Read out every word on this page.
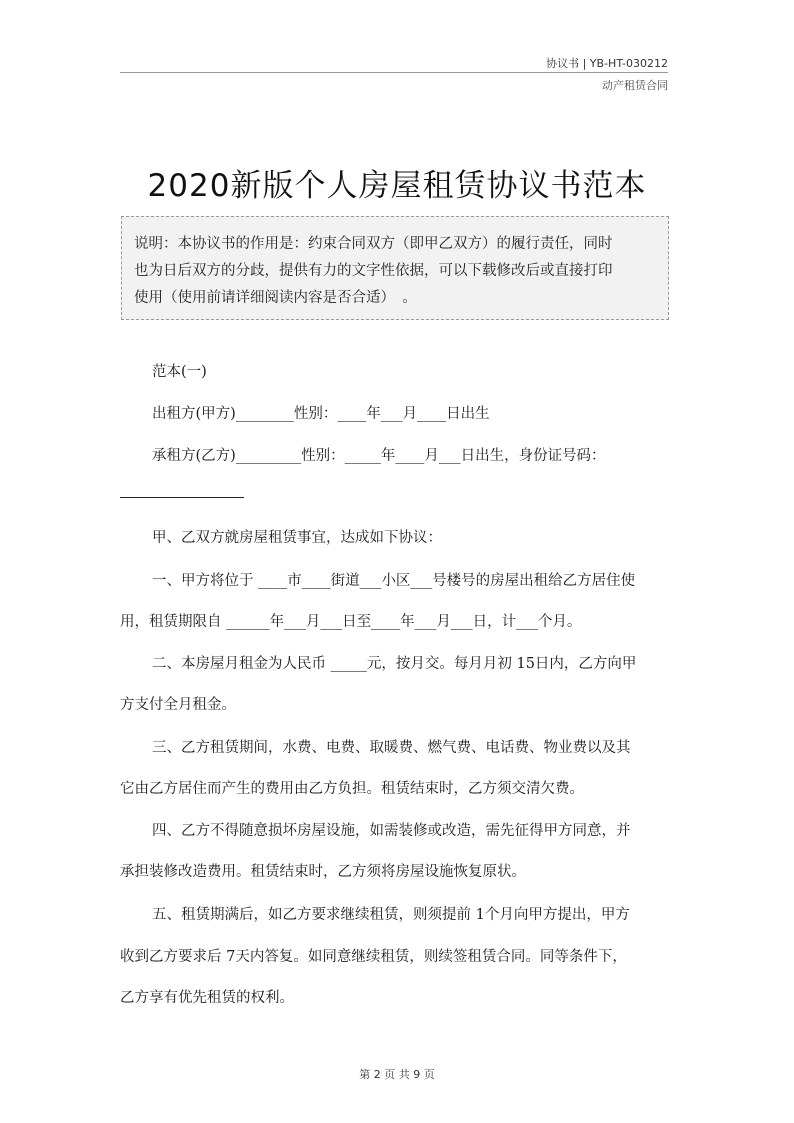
协议书 | YB-HT-030212
动产租赁合同
2020新版个人房屋租赁协议书范本
说明：本协议书的作用是：约束合同双方（即甲乙双方）的履行责任，同时
也为日后双方的分歧，提供有力的文字性依据，可以下载修改后或直接打印
使用（使用前请详细阅读内容是否合适）　。
范本(一)
出租方(甲方)________性别：____年___月____日出生
承租方(乙方)_________性别：_____年____月___日出生，身份证号码：
甲、乙双方就房屋租赁事宜，达成如下协议：
一、甲方将位于 ____市____街道___小区___号楼号的房屋出租给乙方居住使
用，租赁期限自 ______年___月___日至____年___月___日，计___个月。
二、本房屋月租金为人民币 _____元，按月交。每月月初 15日内，乙方向甲
方支付全月租金。
三、乙方租赁期间，水费、电费、取暖费、燃气费、电话费、物业费以及其
它由乙方居住而产生的费用由乙方负担。租赁结束时，乙方须交清欠费。
四、乙方不得随意损坏房屋设施，如需装修或改造，需先征得甲方同意，并
承担装修改造费用。租赁结束时，乙方须将房屋设施恢复原状。
五、租赁期满后，如乙方要求继续租赁，则须提前 1个月向甲方提出，甲方
收到乙方要求后 7天内答复。如同意继续租赁，则续签租赁合同。同等条件下，
乙方享有优先租赁的权利。
第 2 页 共 9 页
